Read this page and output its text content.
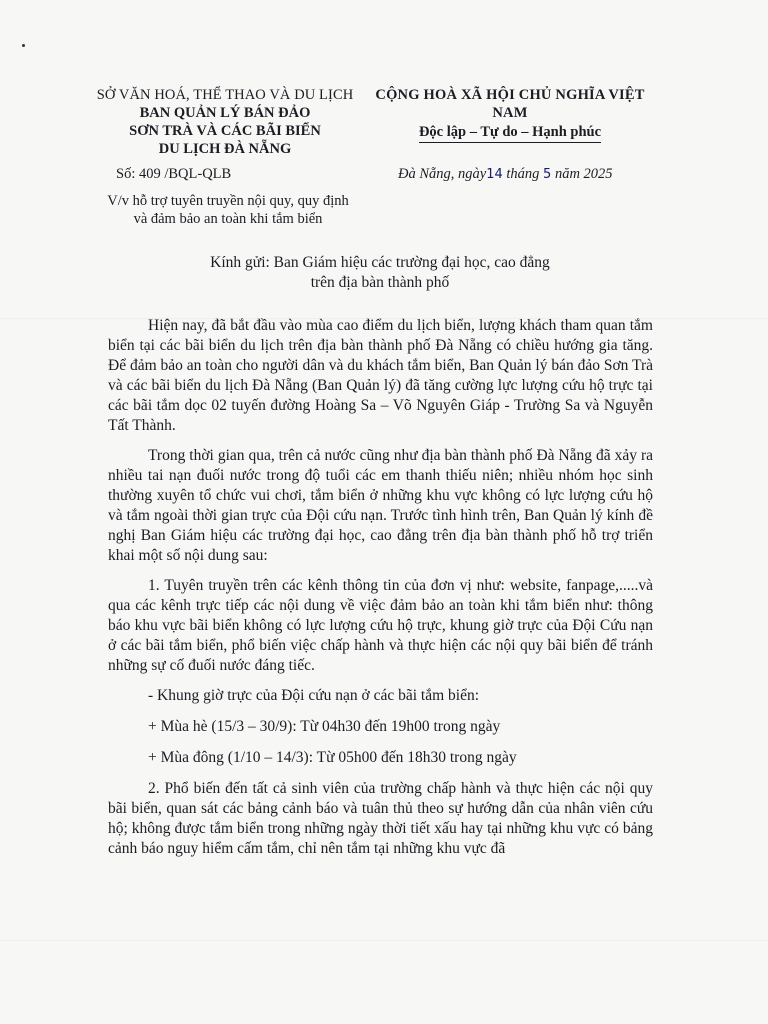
SỞ VĂN HOÁ, THỂ THAO VÀ DU LỊCH
BAN QUẢN LÝ BÁN ĐẢO
SƠN TRÀ VÀ CÁC BÃI BIỂN
DU LỊCH ĐÀ NẴNG
CỘNG HOÀ XÃ HỘI CHỦ NGHĨA VIỆT NAM
Độc lập – Tự do – Hạnh phúc
Số: 409 /BQL-QLB	Đà Nẵng, ngày14 tháng 5 năm 2025
V/v hỗ trợ tuyên truyền nội quy, quy định
và đảm bảo an toàn khi tắm biển
Kính gửi: Ban Giám hiệu các trường đại học, cao đẳng
trên địa bàn thành phố

Hiện nay, đã bắt đầu vào mùa cao điểm du lịch biển, lượng khách tham quan tắm biển tại các bãi biển du lịch trên địa bàn thành phố Đà Nẵng có chiều hướng gia tăng. Để đảm bảo an toàn cho người dân và du khách tắm biển, Ban Quản lý bán đảo Sơn Trà và các bãi biển du lịch Đà Nẵng (Ban Quản lý) đã tăng cường lực lượng cứu hộ trực tại các bãi tắm dọc 02 tuyến đường Hoàng Sa – Võ Nguyên Giáp - Trường Sa và Nguyễn Tất Thành.

Trong thời gian qua, trên cả nước cũng như địa bàn thành phố Đà Nẵng đã xảy ra nhiều tai nạn đuối nước trong độ tuổi các em thanh thiếu niên; nhiều nhóm học sinh thường xuyên tổ chức vui chơi, tắm biển ở những khu vực không có lực lượng cứu hộ và tắm ngoài thời gian trực của Đội cứu nạn. Trước tình hình trên, Ban Quản lý kính đề nghị Ban Giám hiệu các trường đại học, cao đẳng trên địa bàn thành phố hỗ trợ triển khai một số nội dung sau:

1. Tuyên truyền trên các kênh thông tin của đơn vị như: website, fanpage,.....và qua các kênh trực tiếp các nội dung về việc đảm bảo an toàn khi tắm biển như: thông báo khu vực bãi biển không có lực lượng cứu hộ trực, khung giờ trực của Đội Cứu nạn ở các bãi tắm biển, phổ biến việc chấp hành và thực hiện các nội quy bãi biển để tránh những sự cố đuối nước đáng tiếc.

- Khung giờ trực của Đội cứu nạn ở các bãi tắm biển:

+ Mùa hè (15/3 – 30/9): Từ 04h30 đến 19h00 trong ngày

+ Mùa đông (1/10 – 14/3): Từ 05h00 đến 18h30 trong ngày

2. Phổ biến đến tất cả sinh viên của trường chấp hành và thực hiện các nội quy bãi biển, quan sát các bảng cảnh báo và tuân thủ theo sự hướng dẫn của nhân viên cứu hộ; không được tắm biển trong những ngày thời tiết xấu hay tại những khu vực có bảng cảnh báo nguy hiểm cấm tắm, chỉ nên tắm tại những khu vực đã
